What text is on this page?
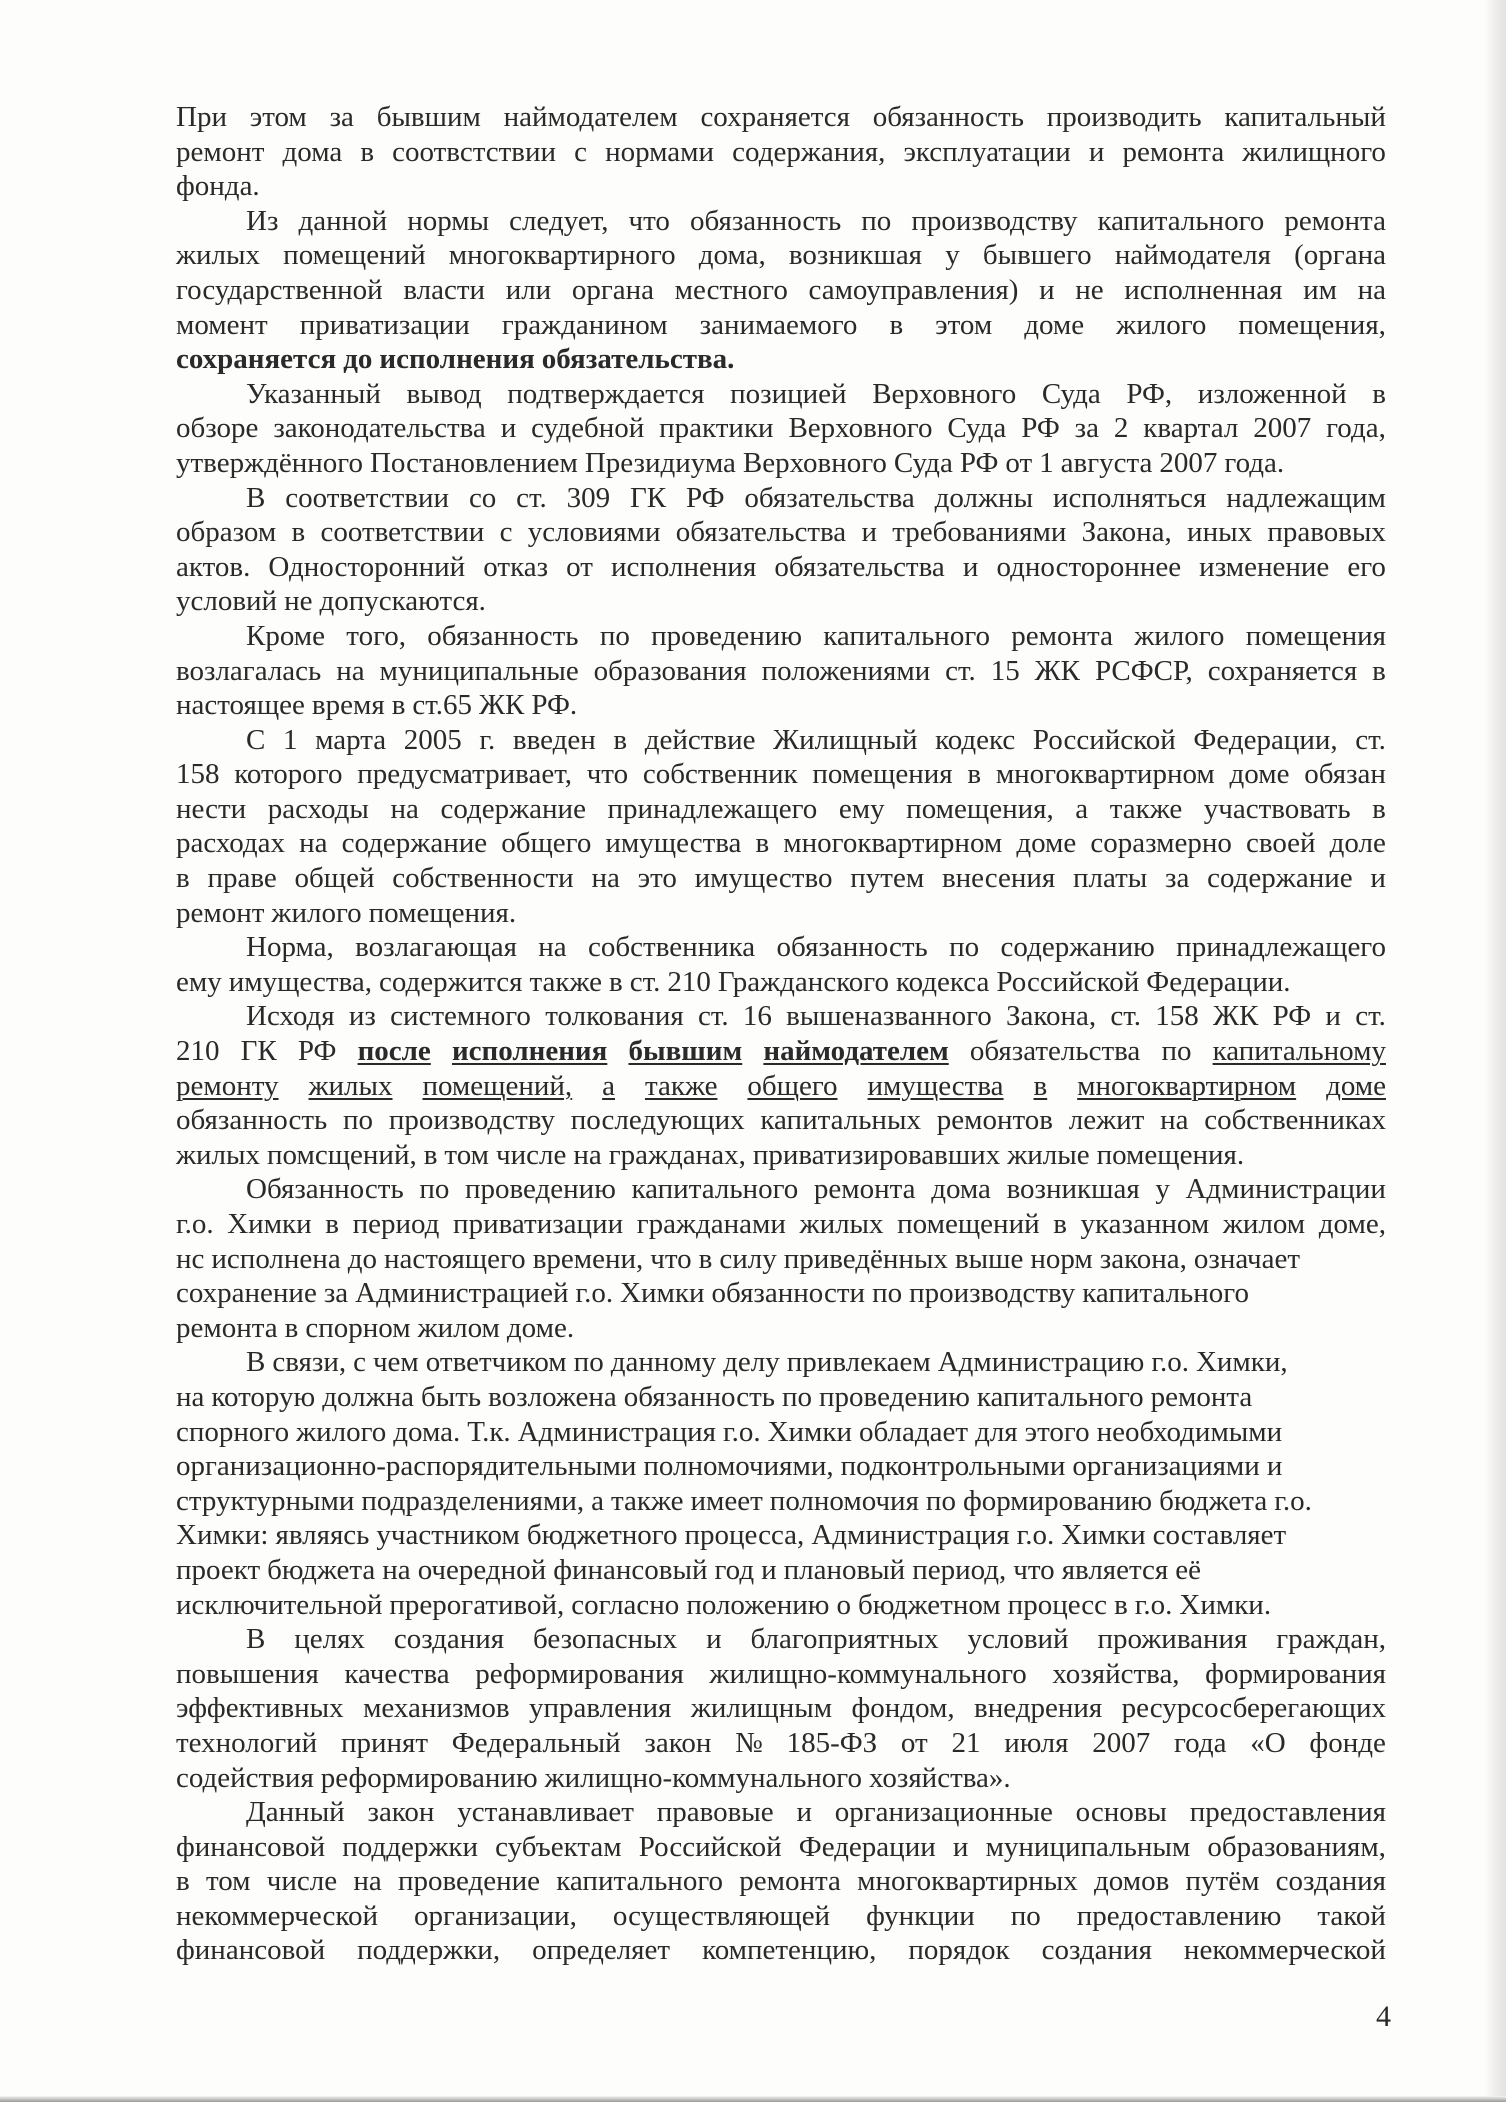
При этом за бывшим наймодателем сохраняется обязанность производить капитальный
ремонт дома в соотвстствии с нормами содержания, эксплуатации и ремонта жилищного
фонда.
Из данной нормы следует, что обязанность по производству капитального ремонта
жилых помещений многоквартирного дома, возникшая у бывшего наймодателя (органа
государственной власти или органа местного самоуправления) и не исполненная им на
момент приватизации гражданином занимаемого в этом доме жилого помещения,
сохраняется до исполнения обязательства.
Указанный вывод подтверждается позицией Верховного Суда РФ, изложенной в
обзоре законодательства и судебной практики Верховного Суда РФ за 2 квартал 2007 года,
утверждённого Постановлением Президиума Верховного Суда РФ от 1 августа 2007 года.
В соответствии со ст. 309 ГК РФ обязательства должны исполняться надлежащим
образом в соответствии с условиями обязательства и требованиями Закона, иных правовых
актов. Односторонний отказ от исполнения обязательства и одностороннее изменение его
условий не допускаются.
Кроме того, обязанность по проведению капитального ремонта жилого помещения
возлагалась на муниципальные образования положениями ст. 15 ЖК РСФСР, сохраняется в
настоящее время в ст.65 ЖК РФ.
С 1 марта 2005 г. введен в действие Жилищный кодекс Российской Федерации, ст.
158 которого предусматривает, что собственник помещения в многоквартирном доме обязан
нести расходы на содержание принадлежащего ему помещения, а также участвовать в
расходах на содержание общего имущества в многоквартирном доме соразмерно своей доле
в праве общей собственности на это имущество путем внесения платы за содержание и
ремонт жилого помещения.
Норма, возлагающая на собственника обязанность по содержанию принадлежащего
ему имущества, содержится также в ст. 210 Гражданского кодекса Российской Федерации.
Исходя из системного толкования ст. 16 вышеназванного Закона, ст. 158 ЖК РФ и ст.
210 ГК РФ после исполнения бывшим наймодателем обязательства по капитальному
ремонту жилых помещений, а также общего имущества в многоквартирном доме
обязанность по производству последующих капитальных ремонтов лежит на собственниках
жилых помсщений, в том числе на гражданах, приватизировавших жилые помещения.
Обязанность по проведению капитального ремонта дома возникшая у Администрации
г.о. Химки в период приватизации гражданами жилых помещений в указанном жилом доме,
нс исполнена до настоящего времени, что в силу приведённых выше норм закона, означает
сохранение за Администрацией г.о. Химки обязанности по производству капитального
ремонта в спорном жилом доме.
В связи, с чем ответчиком по данному делу привлекаем Администрацию г.о. Химки,
на которую должна быть возложена обязанность по проведению капитального ремонта
спорного жилого дома. Т.к. Администрация г.о. Химки обладает для этого необходимыми
организационно-распорядительными полномочиями, подконтрольными организациями и
структурными подразделениями, а также имеет полномочия по формированию бюджета г.о.
Химки: являясь участником бюджетного процесса, Администрация г.о. Химки составляет
проект бюджета на очередной финансовый год и плановый период, что является её
исключительной прерогативой, согласно положению о бюджетном процесс в г.о. Химки.
В целях создания безопасных и благоприятных условий проживания граждан,
повышения качества реформирования жилищно-коммунального хозяйства, формирования
эффективных механизмов управления жилищным фондом, внедрения ресурсосберегающих
технологий принят Федеральный закон № 185-ФЗ от 21 июля 2007 года «О фонде
содействия реформированию жилищно-коммунального хозяйства».
Данный закон устанавливает правовые и организационные основы предоставления
финансовой поддержки субъектам Российской Федерации и муниципальным образованиям,
в том числе на проведение капитального ремонта многоквартирных домов путём создания
некоммерческой организации, осуществляющей функции по предоставлению такой
финансовой поддержки, определяет компетенцию, порядок создания некоммерческой
4
